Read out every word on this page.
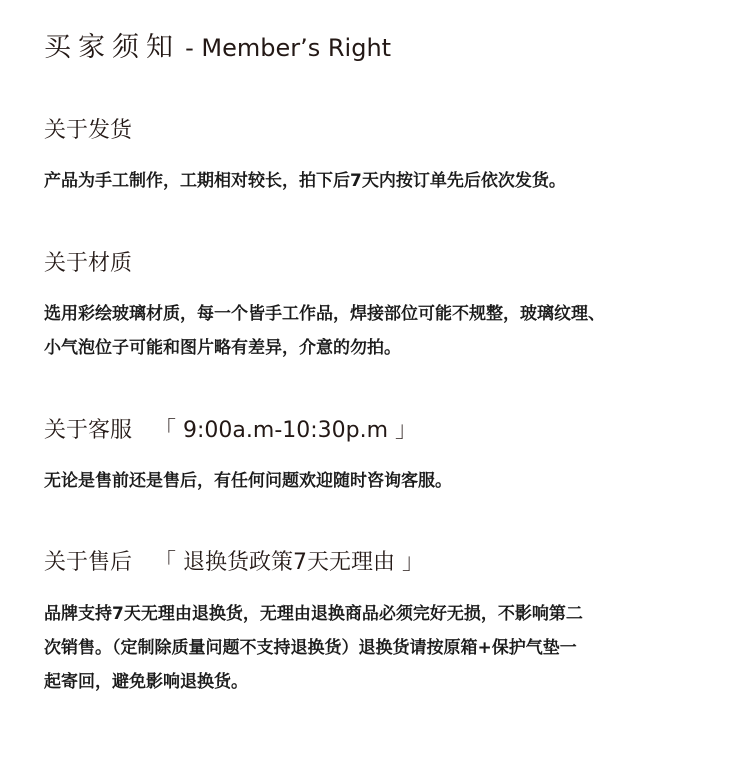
买家须知 - Member’s Right
关于发货
产品为手工制作，工期相对较长，拍下后7天内按订单先后依次发货。
关于材质
选用彩绘玻璃材质，每一个皆手工作品，焊接部位可能不规整，玻璃纹理、
小气泡位子可能和图片略有差异，介意的勿拍。
关于客服 「 9:00a.m-10:30p.m 」
无论是售前还是售后，有任何问题欢迎随时咨询客服。
关于售后 「 退换货政策7天无理由 」
品牌支持7天无理由退换货，无理由退换商品必须完好无损，不影响第二
次销售。（定制除质量问题不支持退换货）退换货请按原箱+保护气垫一
起寄回，避免影响退换货。
